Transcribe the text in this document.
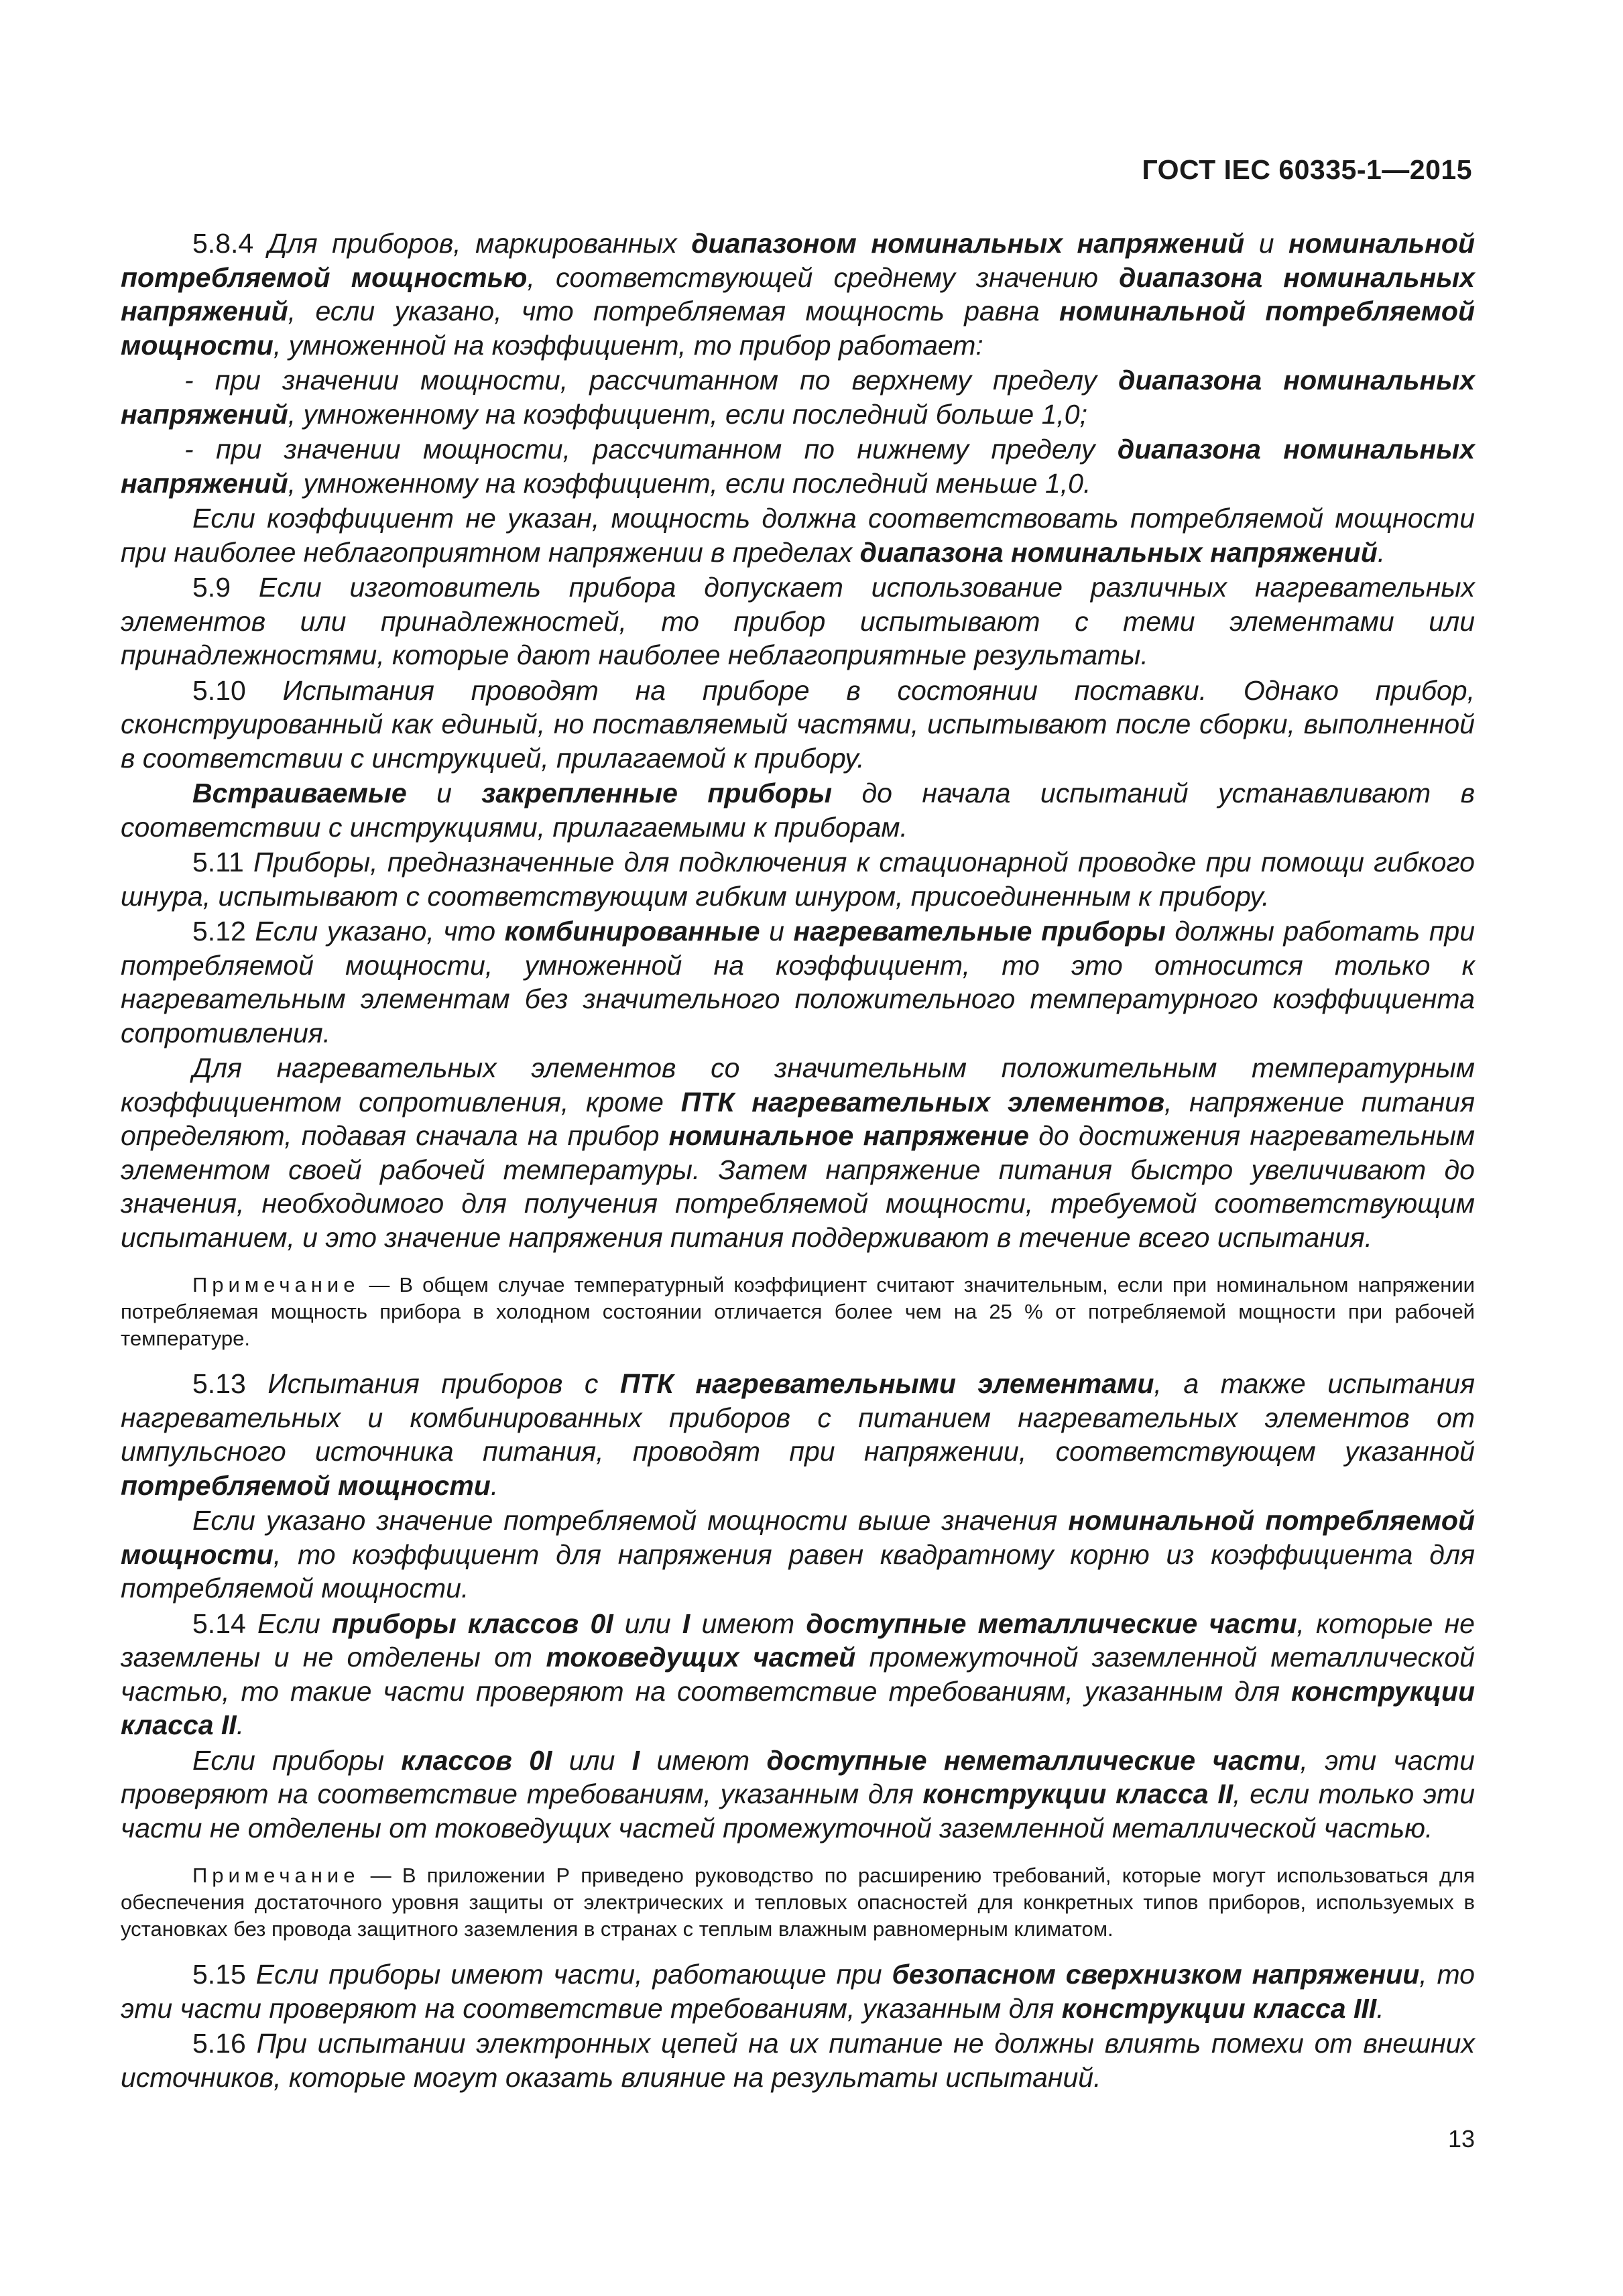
ГОСТ IEC 60335-1—2015
5.8.4 Для приборов, маркированных диапазоном номинальных напряжений и номинальной потребляемой мощностью, соответствующей среднему значению диапазона номинальных напряжений, если указано, что потребляемая мощность равна номинальной потребляемой мощности, умноженной на коэффициент, то прибор работает:
- при значении мощности, рассчитанном по верхнему пределу диапазона номинальных напряжений, умноженному на коэффициент, если последний больше 1,0;
- при значении мощности, рассчитанном по нижнему пределу диапазона номинальных напряжений, умноженному на коэффициент, если последний меньше 1,0.
Если коэффициент не указан, мощность должна соответствовать потребляемой мощности при наиболее неблагоприятном напряжении в пределах диапазона номинальных напряжений.
5.9 Если изготовитель прибора допускает использование различных нагревательных элементов или принадлежностей, то прибор испытывают с теми элементами или принадлежностями, которые дают наиболее неблагоприятные результаты.
5.10 Испытания проводят на приборе в состоянии поставки. Однако прибор, сконструированный как единый, но поставляемый частями, испытывают после сборки, выполненной в соответствии с инструкцией, прилагаемой к прибору.
Встраиваемые и закрепленные приборы до начала испытаний устанавливают в соответствии с инструкциями, прилагаемыми к приборам.
5.11 Приборы, предназначенные для подключения к стационарной проводке при помощи гибкого шнура, испытывают с соответствующим гибким шнуром, присоединенным к прибору.
5.12 Если указано, что комбинированные и нагревательные приборы должны работать при потребляемой мощности, умноженной на коэффициент, то это относится только к нагревательным элементам без значительного положительного температурного коэффициента сопротивления.
Для нагревательных элементов со значительным положительным температурным коэффициентом сопротивления, кроме ПТК нагревательных элементов, напряжение питания определяют, подавая сначала на прибор номинальное напряжение до достижения нагревательным элементом своей рабочей температуры. Затем напряжение питания быстро увеличивают до значения, необходимого для получения потребляемой мощности, требуемой соответствующим испытанием, и это значение напряжения питания поддерживают в течение всего испытания.
Примечание — В общем случае температурный коэффициент считают значительным, если при номинальном напряжении потребляемая мощность прибора в холодном состоянии отличается более чем на 25 % от потребляемой мощности при рабочей температуре.
5.13 Испытания приборов с ПТК нагревательными элементами, а также испытания нагревательных и комбинированных приборов с питанием нагревательных элементов от импульсного источника питания, проводят при напряжении, соответствующем указанной потребляемой мощности.
Если указано значение потребляемой мощности выше значения номинальной потребляемой мощности, то коэффициент для напряжения равен квадратному корню из коэффициента для потребляемой мощности.
5.14 Если приборы классов 0I или I имеют доступные металлические части, которые не заземлены и не отделены от токоведущих частей промежуточной заземленной металлической частью, то такие части проверяют на соответствие требованиям, указанным для конструкции класса II.
Если приборы классов 0I или I имеют доступные неметаллические части, эти части проверяют на соответствие требованиям, указанным для конструкции класса II, если только эти части не отделены от токоведущих частей промежуточной заземленной металлической частью.
Примечание — В приложении Р приведено руководство по расширению требований, которые могут использоваться для обеспечения достаточного уровня защиты от электрических и тепловых опасностей для конкретных типов приборов, используемых в установках без провода защитного заземления в странах с теплым влажным равномерным климатом.
5.15 Если приборы имеют части, работающие при безопасном сверхнизком напряжении, то эти части проверяют на соответствие требованиям, указанным для конструкции класса III.
5.16 При испытании электронных цепей на их питание не должны влиять помехи от внешних источников, которые могут оказать влияние на результаты испытаний.
13
